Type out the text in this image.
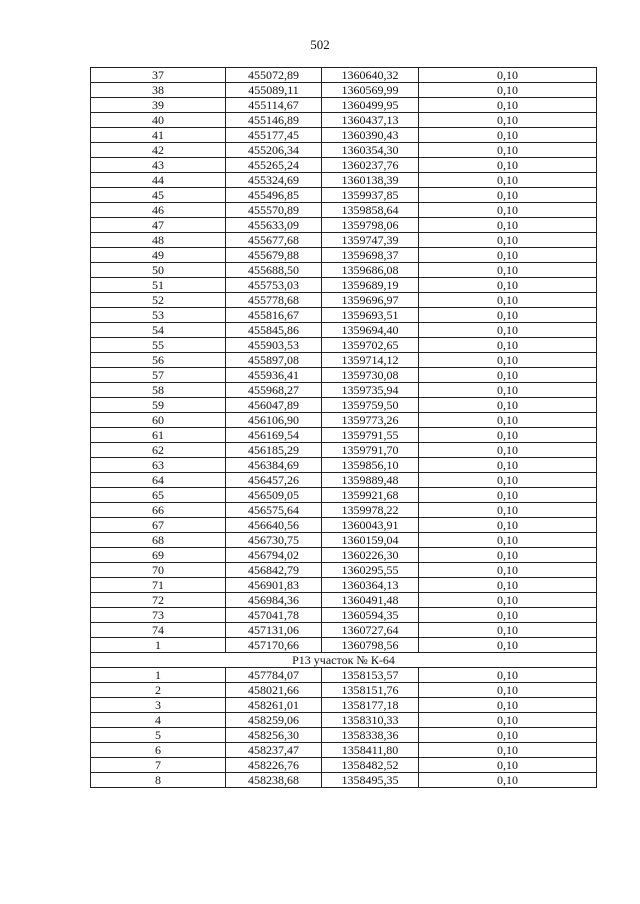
502
37	455072,89	1360640,32	0,10
38	455089,11	1360569,99	0,10
39	455114,67	1360499,95	0,10
40	455146,89	1360437,13	0,10
41	455177,45	1360390,43	0,10
42	455206,34	1360354,30	0,10
43	455265,24	1360237,76	0,10
44	455324,69	1360138,39	0,10
45	455496,85	1359937,85	0,10
46	455570,89	1359858,64	0,10
47	455633,09	1359798,06	0,10
48	455677,68	1359747,39	0,10
49	455679,88	1359698,37	0,10
50	455688,50	1359686,08	0,10
51	455753,03	1359689,19	0,10
52	455778,68	1359696,97	0,10
53	455816,67	1359693,51	0,10
54	455845,86	1359694,40	0,10
55	455903,53	1359702,65	0,10
56	455897,08	1359714,12	0,10
57	455936,41	1359730,08	0,10
58	455968,27	1359735,94	0,10
59	456047,89	1359759,50	0,10
60	456106,90	1359773,26	0,10
61	456169,54	1359791,55	0,10
62	456185,29	1359791,70	0,10
63	456384,69	1359856,10	0,10
64	456457,26	1359889,48	0,10
65	456509,05	1359921,68	0,10
66	456575,64	1359978,22	0,10
67	456640,56	1360043,91	0,10
68	456730,75	1360159,04	0,10
69	456794,02	1360226,30	0,10
70	456842,79	1360295,55	0,10
71	456901,83	1360364,13	0,10
72	456984,36	1360491,48	0,10
73	457041,78	1360594,35	0,10
74	457131,06	1360727,64	0,10
1	457170,66	1360798,56	0,10
Р13 участок № К-64			
1	457784,07	1358153,57	0,10
2	458021,66	1358151,76	0,10
3	458261,01	1358177,18	0,10
4	458259,06	1358310,33	0,10
5	458256,30	1358338,36	0,10
6	458237,47	1358411,80	0,10
7	458226,76	1358482,52	0,10
8	458238,68	1358495,35	0,10
